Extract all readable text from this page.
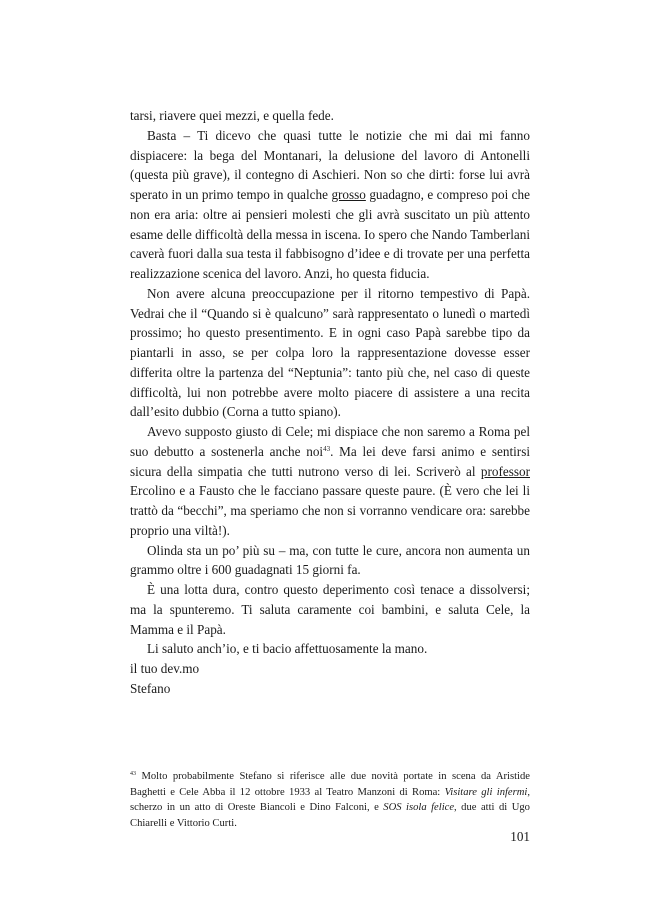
tarsi, riavere quei mezzi, e quella fede.

Basta – Ti dicevo che quasi tutte le notizie che mi dai mi fanno dispiacere: la bega del Montanari, la delusione del lavoro di Antonelli (questa più grave), il contegno di Aschieri. Non so che dirti: forse lui avrà sperato in un primo tempo in qualche grosso guadagno, e compreso poi che non era aria: oltre ai pensieri molesti che gli avrà suscitato un più attento esame delle difficoltà della messa in iscena. Io spero che Nando Tamberlani caverà fuori dalla sua testa il fabbisogno d’idee e di trovate per una perfetta realizzazione scenica del lavoro. Anzi, ho questa fiducia.

Non avere alcuna preoccupazione per il ritorno tempestivo di Papà. Vedrai che il “Quando si è qualcuno” sarà rappresentato o lunedì o martedì prossimo; ho questo presentimento. E in ogni caso Papà sarebbe tipo da piantarli in asso, se per colpa loro la rappresentazione dovesse esser differita oltre la partenza del “Neptunia”: tanto più che, nel caso di queste difficoltà, lui non potrebbe avere molto piacere di assistere a una recita dall’esito dubbio (Corna a tutto spiano).

Avevo supposto giusto di Cele; mi dispiace che non saremo a Roma pel suo debutto a sostenerla anche noi$^{43}$. Ma lei deve farsi animo e sentirsi sicura della simpatia che tutti nutrono verso di lei. Scriverò al professor Ercolino e a Fausto che le facciano passare queste paure. (È vero che lei li trattò da “becchi”, ma speriamo che non si vorranno vendicare ora: sarebbe proprio una viltà!).

Olinda sta un po’ più su – ma, con tutte le cure, ancora non aumenta un grammo oltre i 600 guadagnati 15 giorni fa.

È una lotta dura, contro questo deperimento così tenace a dissolversi; ma la spunteremo. Ti saluta caramente coi bambini, e saluta Cele, la Mamma e il Papà.

Li saluto anch’io, e ti bacio affettuosamente la mano.

il tuo dev.mo

Stefano

$^{43}$ Molto probabilmente Stefano si riferisce alle due novità portate in scena da Aristide Baghetti e Cele Abba il 12 ottobre 1933 al Teatro Manzoni di Roma: Visitare gli infermi, scherzo in un atto di Oreste Biancoli e Dino Falconi, e SOS isola felice, due atti di Ugo Chiarelli e Vittorio Curti.
101
